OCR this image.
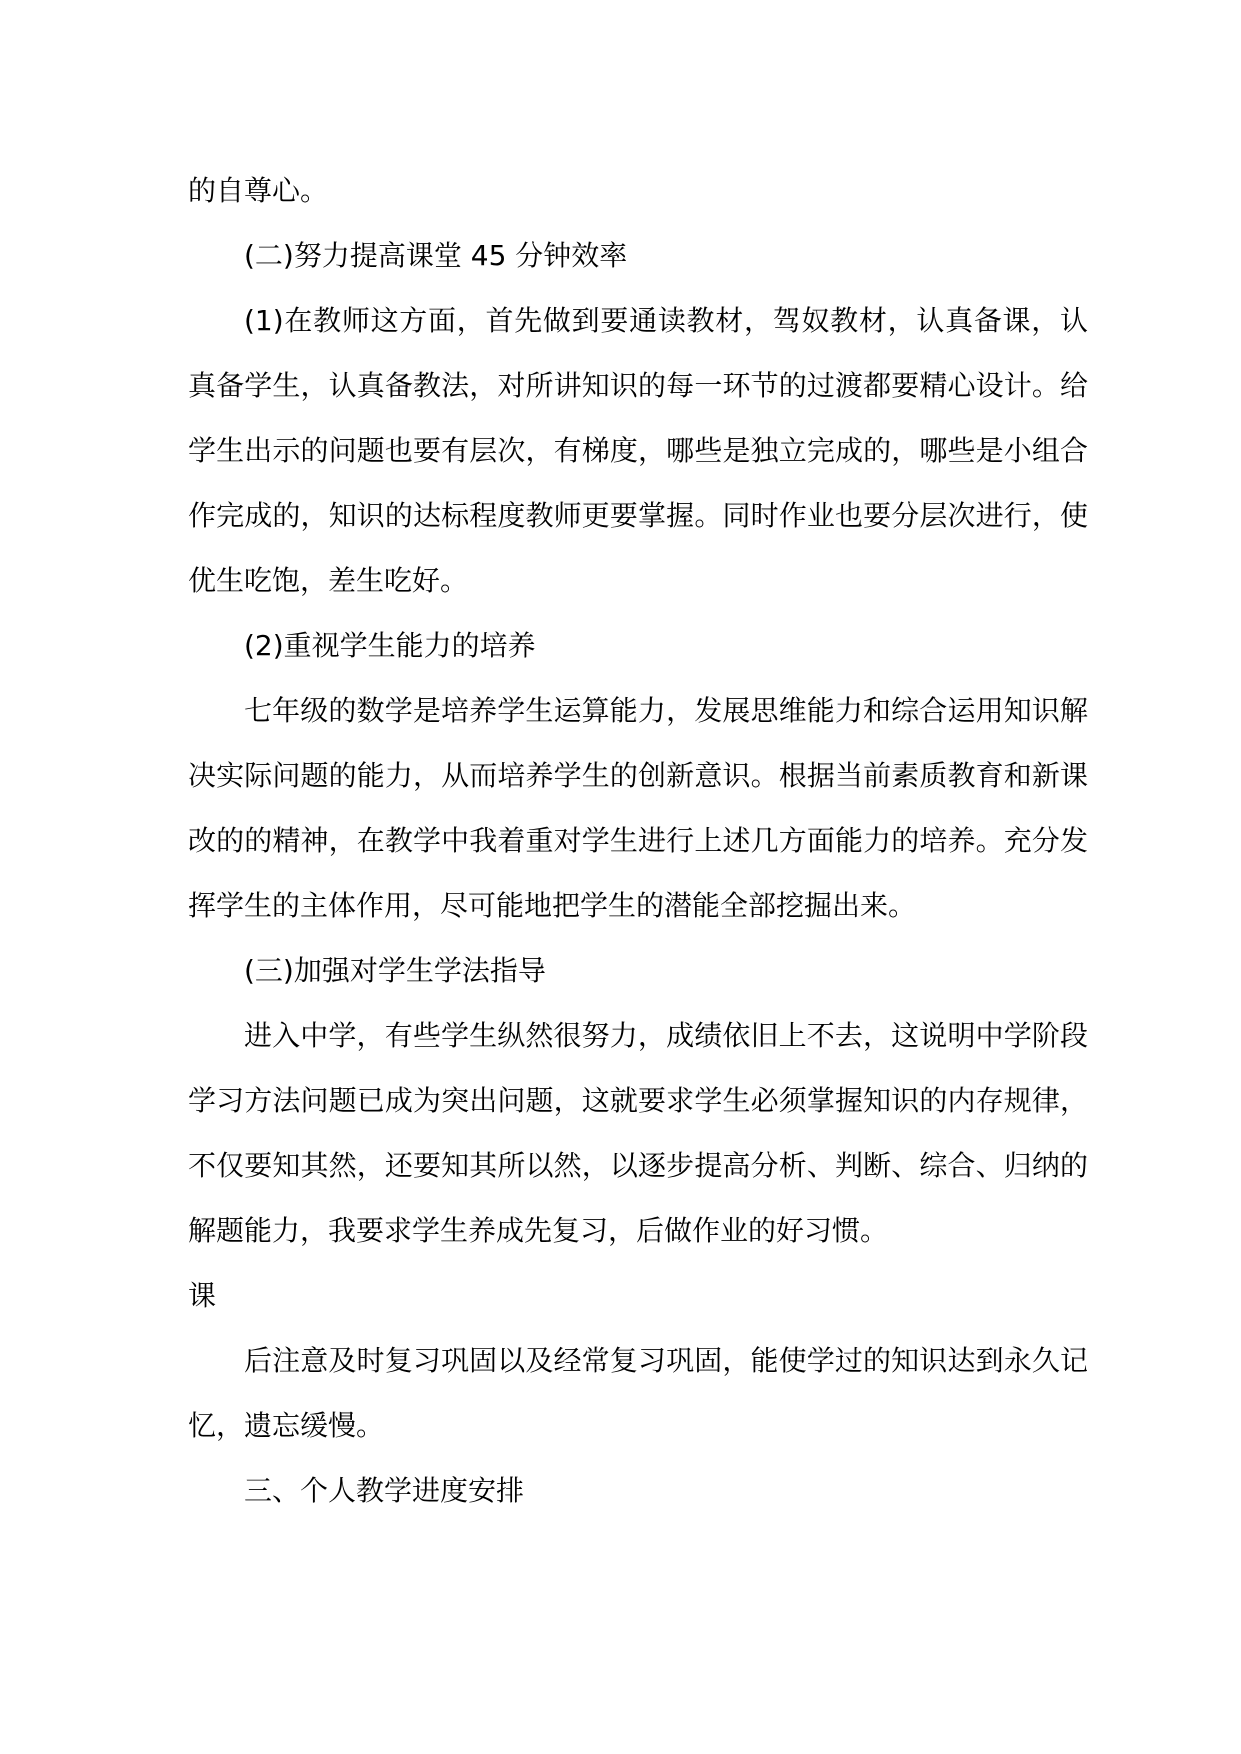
的自尊心。

(二)努力提高课堂 45 分钟效率

(1)在教师这方面，首先做到要通读教材，驾奴教材，认真备课，认真备学生，认真备教法，对所讲知识的每一环节的过渡都要精心设计。给学生出示的问题也要有层次，有梯度，哪些是独立完成的，哪些是小组合作完成的，知识的达标程度教师更要掌握。同时作业也要分层次进行，使优生吃饱，差生吃好。

(2)重视学生能力的培养

七年级的数学是培养学生运算能力，发展思维能力和综合运用知识解决实际问题的能力，从而培养学生的创新意识。根据当前素质教育和新课改的的精神，在教学中我着重对学生进行上述几方面能力的培养。充分发挥学生的主体作用，尽可能地把学生的潜能全部挖掘出来。

(三)加强对学生学法指导

进入中学，有些学生纵然很努力，成绩依旧上不去，这说明中学阶段学习方法问题已成为突出问题，这就要求学生必须掌握知识的内存规律，不仅要知其然，还要知其所以然，以逐步提高分析、判断、综合、归纳的解题能力，我要求学生养成先复习，后做作业的好习惯。

课

后注意及时复习巩固以及经常复习巩固，能使学过的知识达到永久记忆，遗忘缓慢。

三、个人教学进度安排
